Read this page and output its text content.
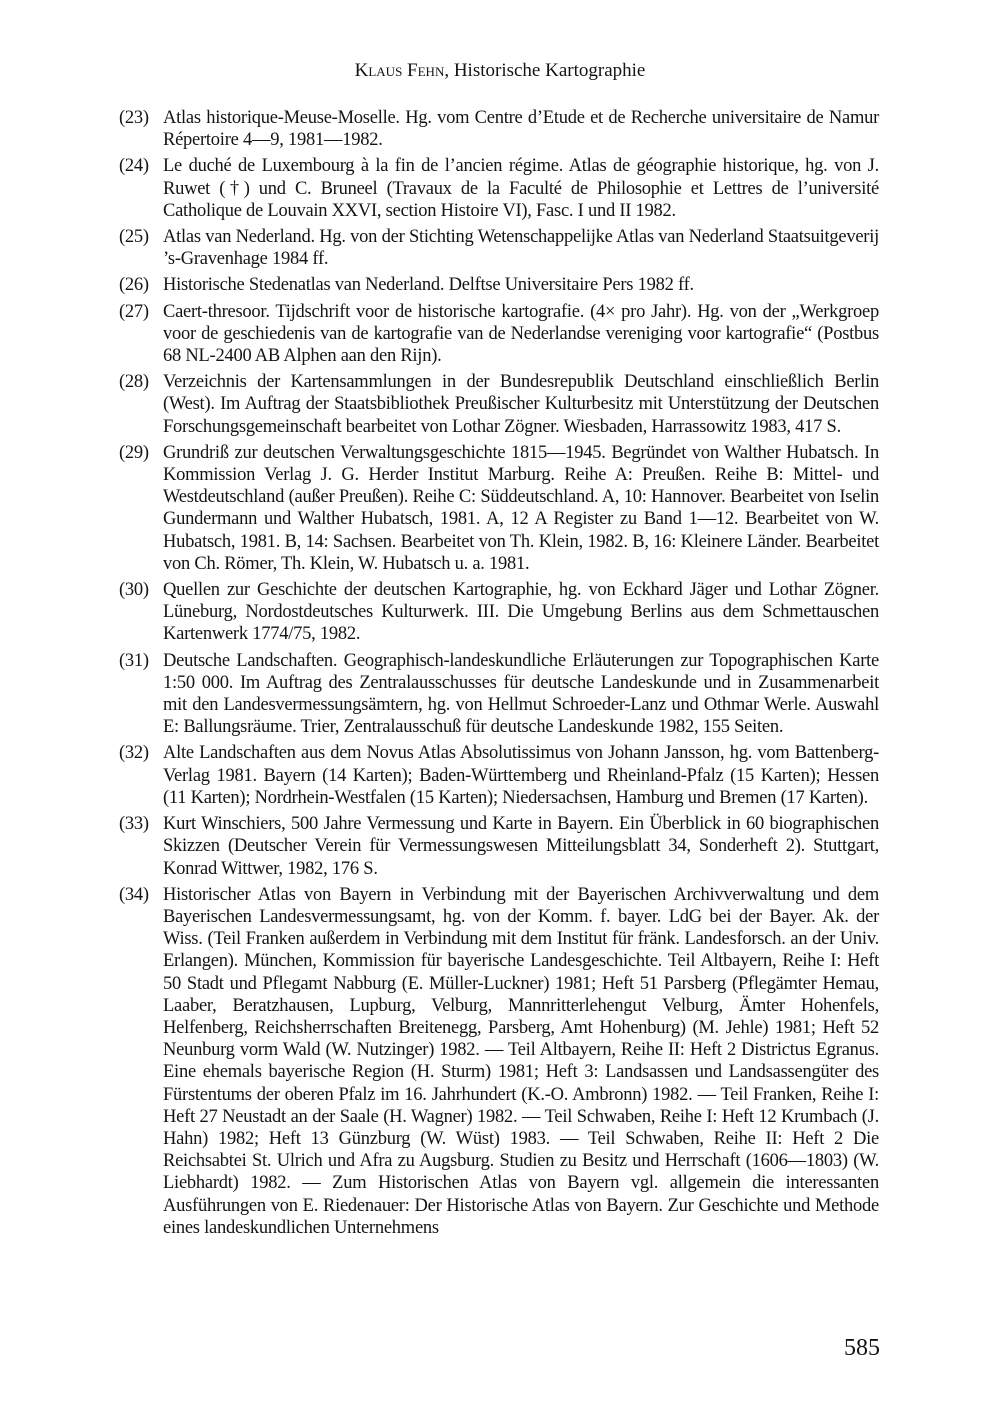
Klaus Fehn, Historische Kartographie

(23) Atlas historique-Meuse-Moselle. Hg. vom Centre d’Etude et de Recherche universitaire de Namur Répertoire 4—9, 1981—1982.

(24) Le duché de Luxembourg à la fin de l’ancien régime. Atlas de géographie historique, hg. von J. Ruwet (†) und C. Bruneel (Travaux de la Faculté de Philosophie et Lettres de l’université Catholique de Louvain XXVI, section Histoire VI), Fasc. I und II 1982.

(25) Atlas van Nederland. Hg. von der Stichting Wetenschappelijke Atlas van Nederland Staatsuitgeverij ’s-Gravenhage 1984 ff.

(26) Historische Stedenatlas van Nederland. Delftse Universitaire Pers 1982 ff.

(27) Caert-thresoor. Tijdschrift voor de historische kartografie. (4× pro Jahr). Hg. von der „Werkgroep voor de geschiedenis van de kartografie van de Nederlandse vereniging voor kartografie“ (Postbus 68 NL-2400 AB Alphen aan den Rijn).

(28) Verzeichnis der Kartensammlungen in der Bundesrepublik Deutschland einschließlich Berlin (West). Im Auftrag der Staatsbibliothek Preußischer Kulturbesitz mit Unterstützung der Deutschen Forschungsgemeinschaft bearbeitet von Lothar Zögner. Wiesbaden, Harrassowitz 1983, 417 S.

(29) Grundriß zur deutschen Verwaltungsgeschichte 1815—1945. Begründet von Walther Hubatsch. In Kommission Verlag J. G. Herder Institut Marburg. Reihe A: Preußen. Reihe B: Mittel- und Westdeutschland (außer Preußen). Reihe C: Süddeutschland. A, 10: Hannover. Bearbeitet von Iselin Gundermann und Walther Hubatsch, 1981. A, 12 A Register zu Band 1—12. Bearbeitet von W. Hubatsch, 1981. B, 14: Sachsen. Bearbeitet von Th. Klein, 1982. B, 16: Kleinere Länder. Bearbeitet von Ch. Römer, Th. Klein, W. Hubatsch u. a. 1981.

(30) Quellen zur Geschichte der deutschen Kartographie, hg. von Eckhard Jäger und Lothar Zögner. Lüneburg, Nordostdeutsches Kulturwerk. III. Die Umgebung Berlins aus dem Schmettauschen Kartenwerk 1774/75, 1982.

(31) Deutsche Landschaften. Geographisch-landeskundliche Erläuterungen zur Topographischen Karte 1:50 000. Im Auftrag des Zentralausschusses für deutsche Landeskunde und in Zusammenarbeit mit den Landesvermessungsämtern, hg. von Hellmut Schroeder-Lanz und Othmar Werle. Auswahl E: Ballungsräume. Trier, Zentralausschuß für deutsche Landeskunde 1982, 155 Seiten.

(32) Alte Landschaften aus dem Novus Atlas Absolutissimus von Johann Jansson, hg. vom Battenberg-Verlag 1981. Bayern (14 Karten); Baden-Württemberg und Rheinland-Pfalz (15 Karten); Hessen (11 Karten); Nordrhein-Westfalen (15 Karten); Niedersachsen, Hamburg und Bremen (17 Karten).

(33) Kurt Winschiers, 500 Jahre Vermessung und Karte in Bayern. Ein Überblick in 60 biographischen Skizzen (Deutscher Verein für Vermessungswesen Mitteilungsblatt 34, Sonderheft 2). Stuttgart, Konrad Wittwer, 1982, 176 S.

(34) Historischer Atlas von Bayern in Verbindung mit der Bayerischen Archivverwaltung und dem Bayerischen Landesvermessungsamt, hg. von der Komm. f. bayer. LdG bei der Bayer. Ak. der Wiss. (Teil Franken außerdem in Verbindung mit dem Institut für fränk. Landesforsch. an der Univ. Erlangen). München, Kommission für bayerische Landesgeschichte. Teil Altbayern, Reihe I: Heft 50 Stadt und Pflegamt Nabburg (E. Müller-Luckner) 1981; Heft 51 Parsberg (Pflegämter Hemau, Laaber, Beratzhausen, Lupburg, Velburg, Mannritterlehengut Velburg, Ämter Hohenfels, Helfenberg, Reichsherrschaften Breitenegg, Parsberg, Amt Hohenburg) (M. Jehle) 1981; Heft 52 Neunburg vorm Wald (W. Nutzinger) 1982. — Teil Altbayern, Reihe II: Heft 2 Districtus Egranus. Eine ehemals bayerische Region (H. Sturm) 1981; Heft 3: Landsassen und Landsassengüter des Fürstentums der oberen Pfalz im 16. Jahrhundert (K.-O. Ambronn) 1982. — Teil Franken, Reihe I: Heft 27 Neustadt an der Saale (H. Wagner) 1982. — Teil Schwaben, Reihe I: Heft 12 Krumbach (J. Hahn) 1982; Heft 13 Günzburg (W. Wüst) 1983. — Teil Schwaben, Reihe II: Heft 2 Die Reichsabtei St. Ulrich und Afra zu Augsburg. Studien zu Besitz und Herrschaft (1606—1803) (W. Liebhardt) 1982. — Zum Historischen Atlas von Bayern vgl. allgemein die interessanten Ausführungen von E. Riedenauer: Der Historische Atlas von Bayern. Zur Geschichte und Methode eines landeskundlichen Unternehmens

585
